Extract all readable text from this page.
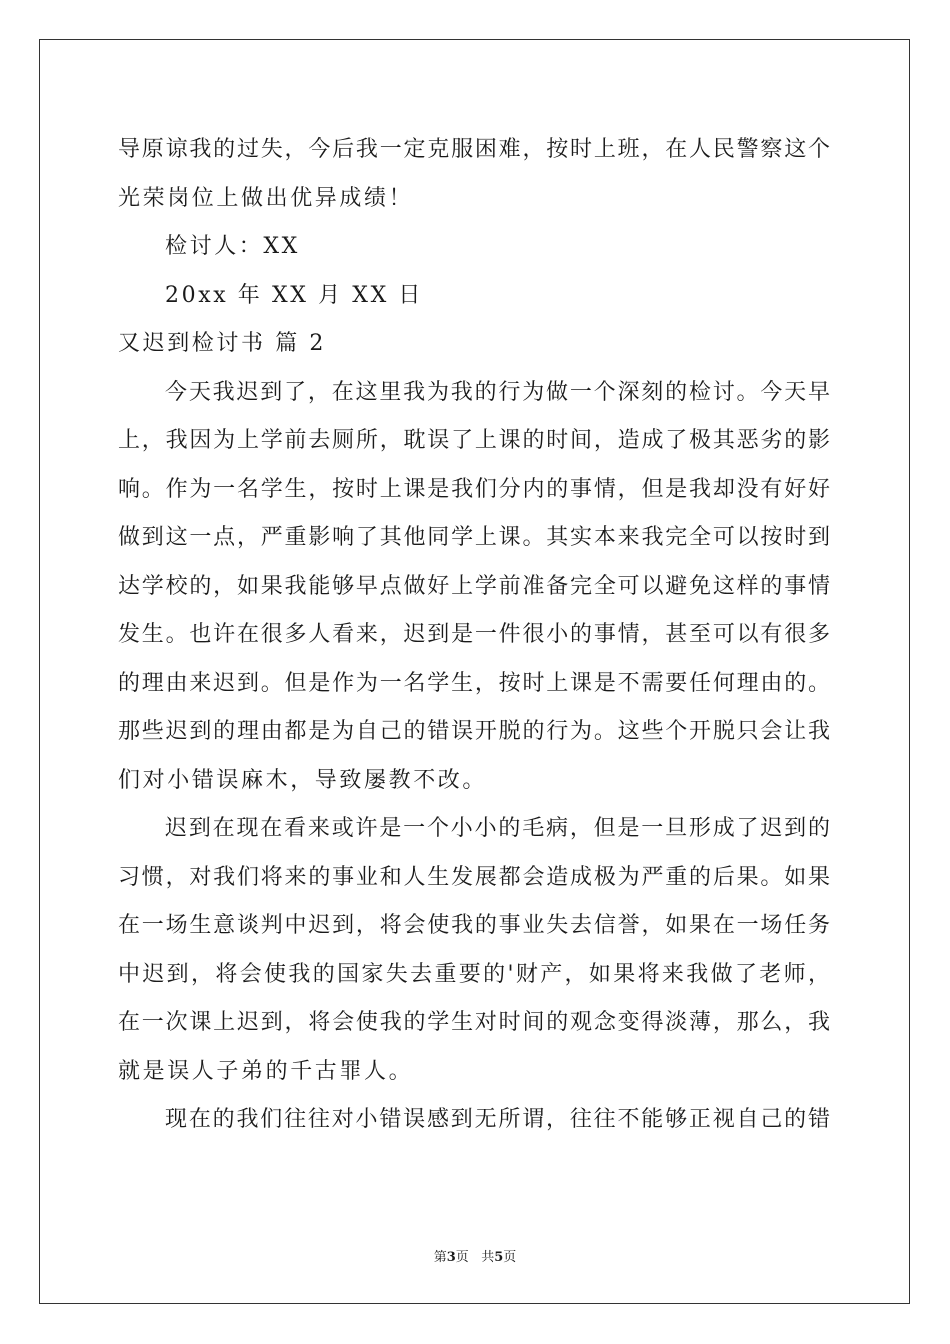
导原谅我的过失，今后我一定克服困难，按时上班，在人民警察这个
光荣岗位上做出优异成绩！
检讨人：XX
20xx 年 XX 月 XX 日
又迟到检讨书 篇 2
今天我迟到了，在这里我为我的行为做一个深刻的检讨。今天早
上，我因为上学前去厕所，耽误了上课的时间，造成了极其恶劣的影
响。作为一名学生，按时上课是我们分内的事情，但是我却没有好好
做到这一点，严重影响了其他同学上课。其实本来我完全可以按时到
达学校的，如果我能够早点做好上学前准备完全可以避免这样的事情
发生。也许在很多人看来，迟到是一件很小的事情，甚至可以有很多
的理由来迟到。但是作为一名学生，按时上课是不需要任何理由的。
那些迟到的理由都是为自己的错误开脱的行为。这些个开脱只会让我
们对小错误麻木，导致屡教不改。
迟到在现在看来或许是一个小小的毛病，但是一旦形成了迟到的
习惯，对我们将来的事业和人生发展都会造成极为严重的后果。如果
在一场生意谈判中迟到，将会使我的事业失去信誉，如果在一场任务
中迟到，将会使我的国家失去重要的'财产，如果将来我做了老师，
在一次课上迟到，将会使我的学生对时间的观念变得淡薄，那么，我
就是误人子弟的千古罪人。
现在的我们往往对小错误感到无所谓，往往不能够正视自己的错
第3页   共5页
